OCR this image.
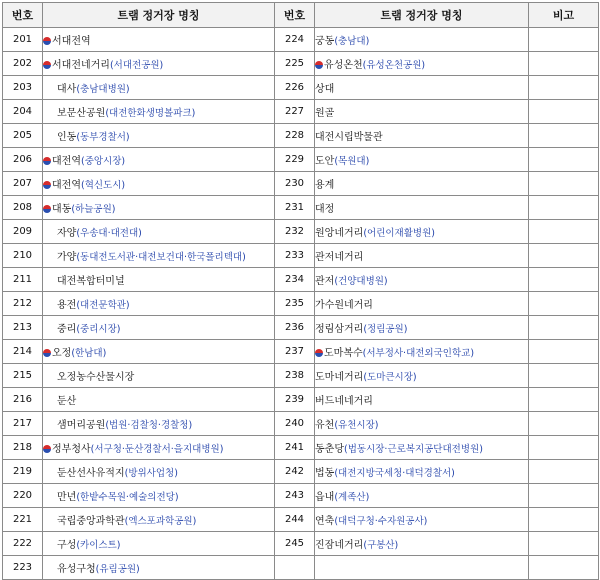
번호	트램 정거장 명칭	번호	트램 정거장 명칭	비고
201	서대전역	224	궁동(충남대)	
202	서대전네거리(서대전공원)	225	유성온천(유성온천공원)	
203	대사(충남대병원)	226	상대	
204	보문산공원(대전한화생명볼파크)	227	원골	
205	인동(동부경찰서)	228	대전시립박물관	
206	대전역(중앙시장)	229	도안(목원대)	
207	대전역(혁신도시)	230	용계	
208	대동(하늘공원)	231	대정	
209	자양(우송대·대전대)	232	원앙네거리(어린이재활병원)	
210	가양(동대전도서관·대전보건대·한국폴리텍대)	233	관저네거리	
211	대전복합터미널	234	관저(건양대병원)	
212	용전(대전문학관)	235	가수원네거리	
213	중리(중리시장)	236	정림삼거리(정림공원)	
214	오정(한남대)	237	도마복수(서부정사·대전외국인학교)	
215	오정농수산물시장	238	도마네거리(도마큰시장)	
216	둔산	239	버드네네거리	
217	샘머리공원(법원·검찰청·경찰청)	240	유천(유천시장)	
218	정부청사(서구청·둔산경찰서·을지대병원)	241	동춘당(법동시장·근로복지공단대전병원)	
219	둔산선사유적지(방위사업청)	242	법동(대전지방국세청·대덕경찰서)	
220	만년(한밭수목원·예술의전당)	243	읍내(계족산)	
221	국립중앙과학관(엑스포과학공원)	244	연축(대덕구청·수자원공사)	
222	구성(카이스트)	245	진잠네거리(구봉산)	
223	유성구청(유림공원)			
